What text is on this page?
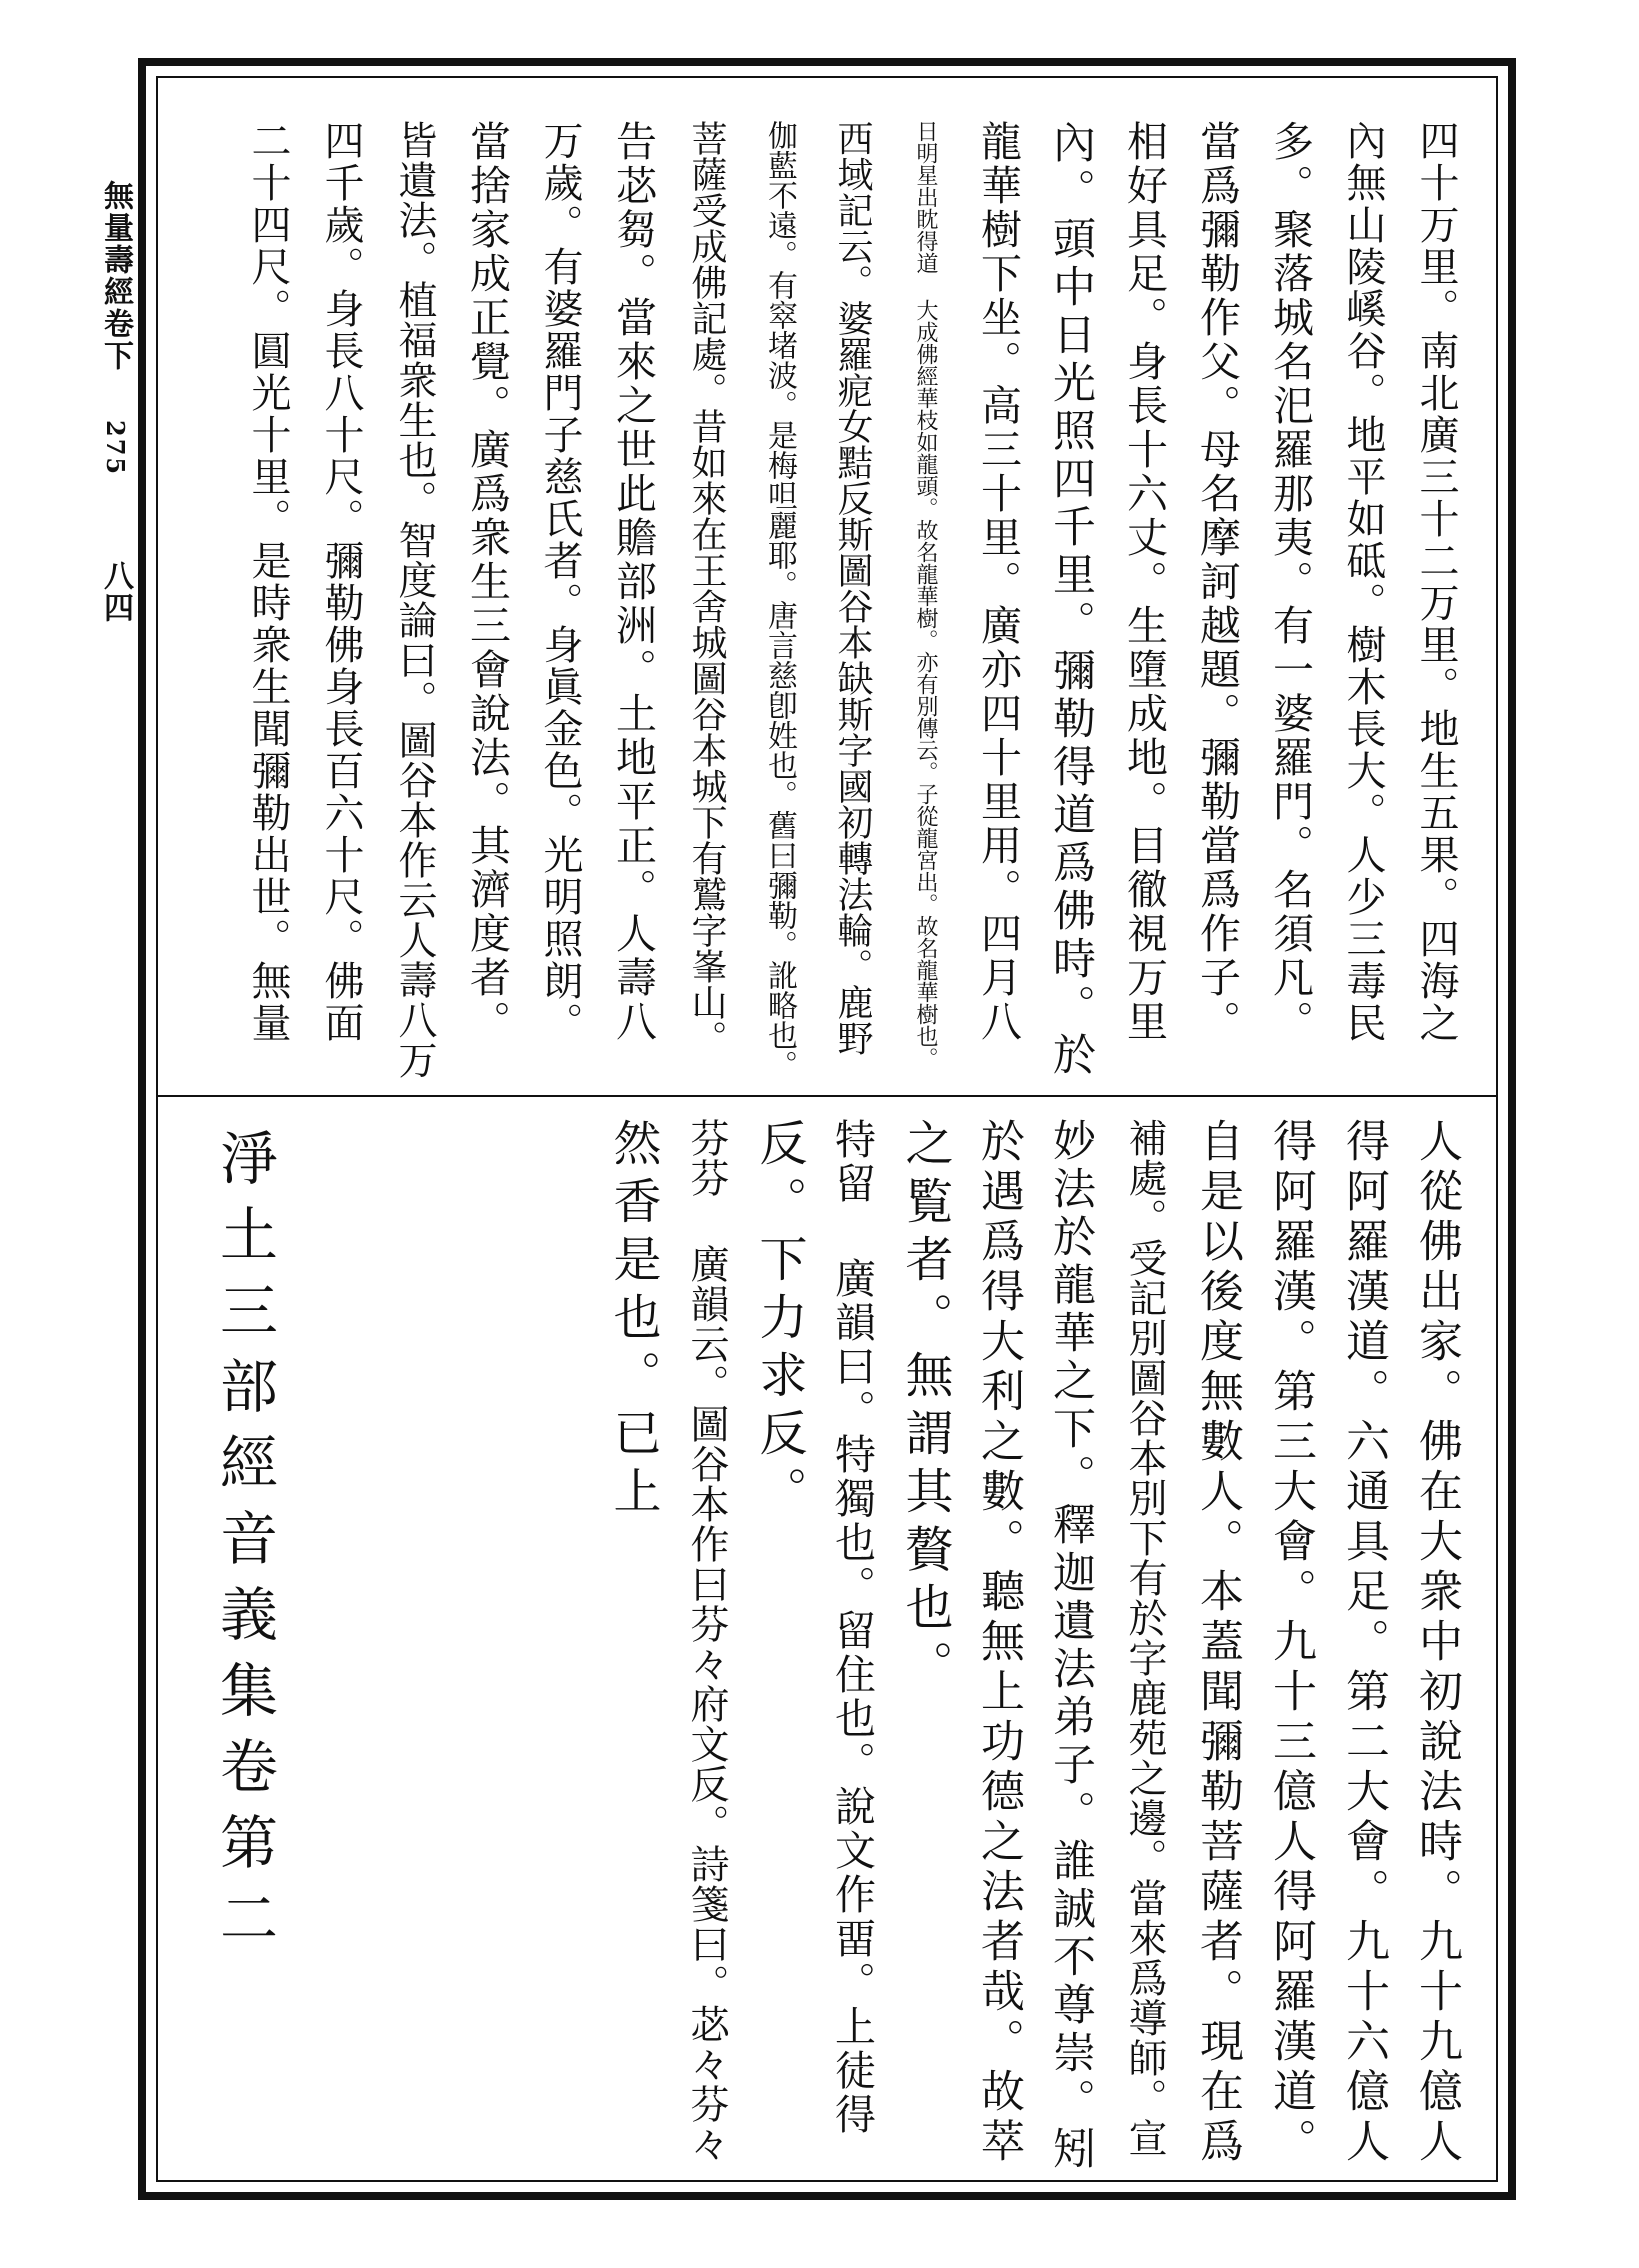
無量壽經卷下
275
八四	四十万里。南北廣三十二万里。地生五果。四海之
內無山陵嵠谷。地平如砥。樹木長大。人少三毒民
多。聚落城名汜羅那夷。有一婆羅門。名須凡。
當爲彌勒作父。母名摩訶越題。彌勒當爲作子。
相好具足。身長十六丈。生墮成地。目徹視万里
內。頭中日光照四千里。彌勒得道爲佛時。於
龍華樹下坐。高三十里。廣亦四十里用。四月八
日明星出眈得道 大成佛經華枝如龍頭。故名龍華樹。亦有別傳云。子從龍宮出。故名龍華樹也。
西域記云。婆羅痆女黠反斯圖谷本缺斯字國初轉法輪。鹿野
伽藍不遠。有窣堵波。是梅呾麗耶。唐言慈卽姓也。舊曰彌勒。訛略也。
菩薩受成佛記處。昔如來在王舍城圖谷本城下有鷲字峯山。
告苾芻。當來之世此贍部洲。土地平正。人壽八
万歲。有婆羅門子慈氏者。身眞金色。光明照朗。
當捨家成正覺。廣爲衆生三會說法。其濟度者。
皆遺法。植福衆生也。智度論曰。圖谷本作云人壽八万
四千歲。身長八十尺。彌勒佛身長百六十尺。佛面
二十四尺。圓光十里。是時衆生聞彌勒出世。無量
人從佛出家。佛在大衆中初說法時。九十九億人
得阿羅漢道。六通具足。第二大會。九十六億人
得阿羅漢。第三大會。九十三億人得阿羅漢道。
自是以後度無數人。本蓋聞彌勒菩薩者。現在爲
補處。受記別圖谷本別下有於字鹿苑之邊。當來爲導師。宣
妙法於龍華之下。釋迦遺法弟子。誰誠不尊崇。矧
於遇爲得大利之數。聽無上功德之法者哉。故萃
之覧者。無謂其贅也。
特留 廣韻曰。特獨也。留住也。說文作畱。上徒得
反。下力求反。
芬芬 廣韻云。圖谷本作曰芬々府文反。詩箋曰。苾々芬々
然香是也。已上
淨土三部經音義集卷第二
